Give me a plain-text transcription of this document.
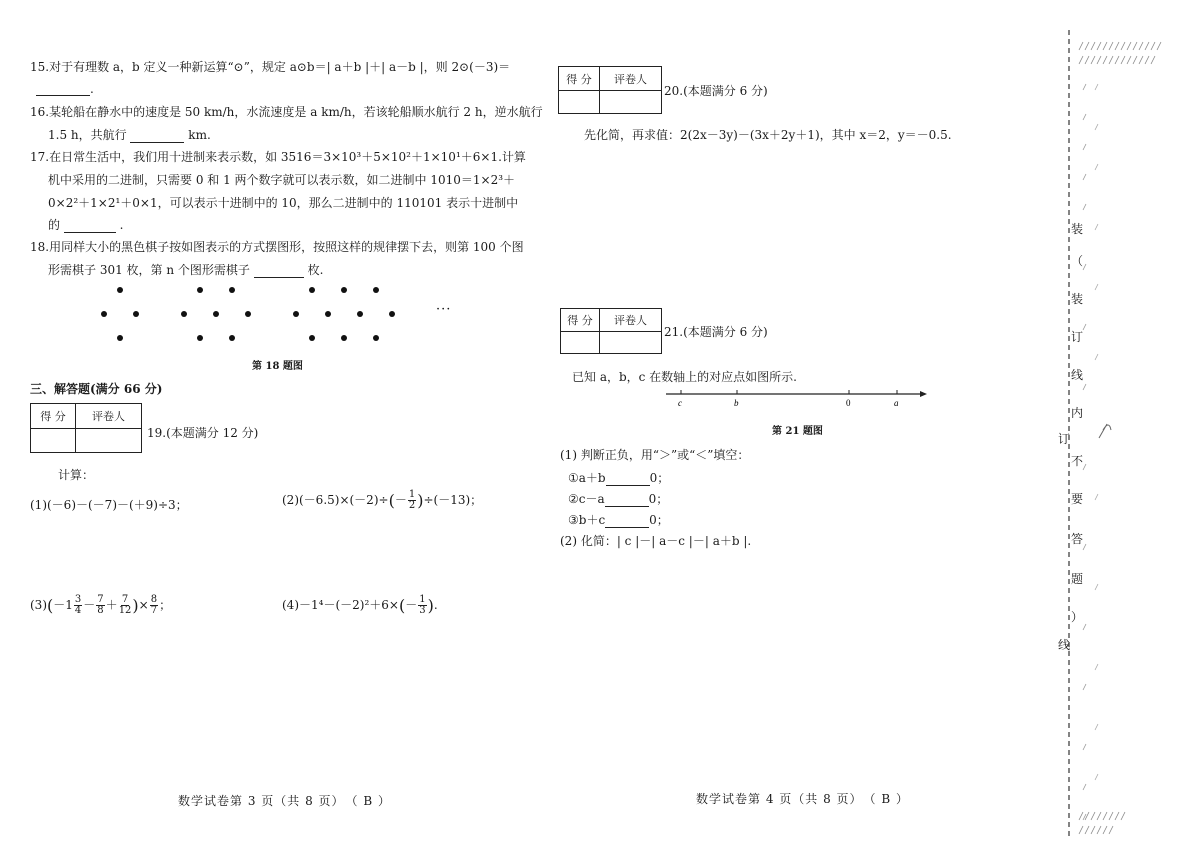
15.对于有理数 a，b 定义一种新运算“⊙”，规定 a⊙b＝| a＋b |＋| a－b |，则 2⊙(－3)＝
.
16.某轮船在静水中的速度是 50 km/h，水流速度是 a km/h，若该轮船顺水航行 2 h，逆水航行
1.5 h，共航行	km.
17.在日常生活中，我们用十进制来表示数，如 3516＝3×10³＋5×10²＋1×10¹＋6×1.计算
机中采用的二进制，只需要 0 和 1 两个数字就可以表示数，如二进制中 1010＝1×2³＋
0×2²＋1×2¹＋0×1，可以表示十进制中的 10，那么二进制中的 110101 表示十进制中
的	.
18.用同样大小的黑色棋子按如图表示的方式摆图形，按照这样的规律摆下去，则第 100 个图
形需棋子 301 枚，第 n 个图形需棋子	枚.
···
第 18 题图
三、解答题(满分 66 分)
得 分	评卷人

19.(本题满分 12 分)
计算：
(1)(－6)－(－7)－(＋9)÷3；	$(2)(-6.5)\times(-2)\div(- \frac{1}{2} )\div(-13)$；
$(3)(-1 \frac{3}{4} - \frac{7}{8} + \frac{7}{12}$ )× $\frac{8}{7}$ ；	$(4)-1^4-(-2)^2+6\times(- \frac{1}{3}$ ).
数学试卷第 3 页（共 8 页）　（ B ）
得 分	评卷人

20.(本题满分 6 分)
先化简，再求值：2(2x－3y)－(3x＋2y＋1)，其中 x＝2，y＝－0.5.
得 分	评卷人

21.(本题满分 6 分)
已知 a，b，c 在数轴上的对应点如图所示.
c	b	0	a
第 21 题图
(1) 判断正负，用“＞”或“＜”填空：
①a＋b	0；
②c－a	0；
③b＋c	0；
(2) 化简：| c |－| a－c |－| a＋b |.
数学试卷第 4 页（共 8 页）　（ B ）
装
（
装
订
线
内
订
不
要
答
题
）
线
